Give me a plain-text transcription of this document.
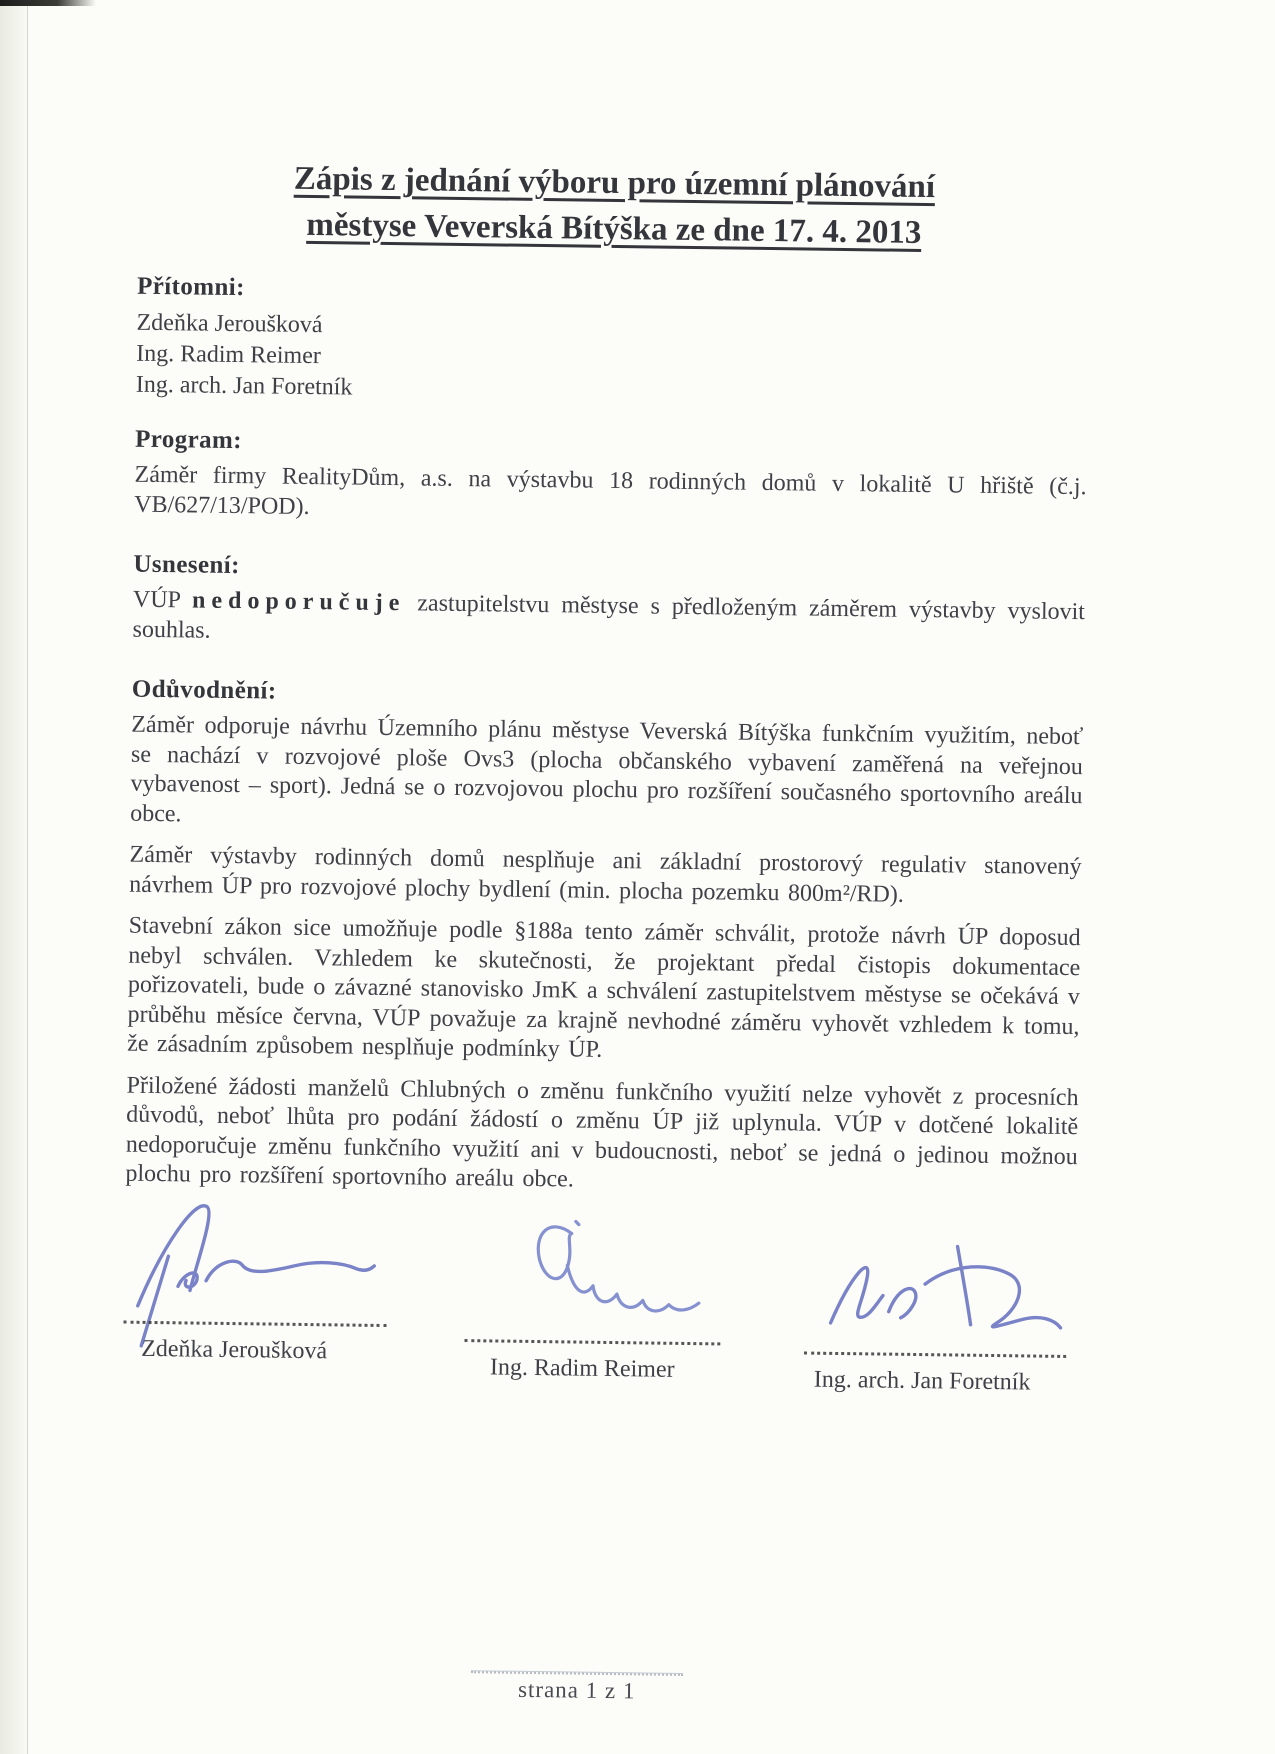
Zápis z jednání výboru pro územní plánování
městyse Veverská Bítýška ze dne 17. 4. 2013
Přítomni:
Zdeňka Jeroušková
Ing. Radim Reimer
Ing. arch. Jan Foretník
Program:

Záměr firmy RealityDům, a.s. na výstavbu 18 rodinných domů v lokalitě U hřiště (č.j. VB/627/13/POD).

Usnesení:

VÚP nedoporučuje zastupitelstvu městyse s předloženým záměrem výstavby vyslovit souhlas.

Odůvodnění:

Záměr odporuje návrhu Územního plánu městyse Veverská Bítýška funkčním využitím, neboť se nachází v rozvojové ploše Ovs3 (plocha občanského vybavení zaměřená na veřejnou vybavenost – sport). Jedná se o rozvojovou plochu pro rozšíření současného sportovního areálu obce.

Záměr výstavby rodinných domů nesplňuje ani základní prostorový regulativ stanovený návrhem ÚP pro rozvojové plochy bydlení (min. plocha pozemku 800m²/RD).

Stavební zákon sice umožňuje podle §188a tento záměr schválit, protože návrh ÚP doposud nebyl schválen. Vzhledem ke skutečnosti, že projektant předal čistopis dokumentace pořizovateli, bude o závazné stanovisko JmK a schválení zastupitelstvem městyse se očekává v průběhu měsíce června, VÚP považuje za krajně nevhodné záměru vyhovět vzhledem k tomu, že zásadním způsobem nesplňuje podmínky ÚP.

Přiložené žádosti manželů Chlubných o změnu funkčního využití nelze vyhovět z procesních důvodů, neboť lhůta pro podání žádostí o změnu ÚP již uplynula. VÚP v dotčené lokalitě nedoporučuje změnu funkčního využití ani v budoucnosti, neboť se jedná o jedinou možnou plochu pro rozšíření sportovního areálu obce.

Zdeňka Jeroušková
Ing. Radim Reimer	Ing. arch. Jan Foretník
strana 1 z 1
